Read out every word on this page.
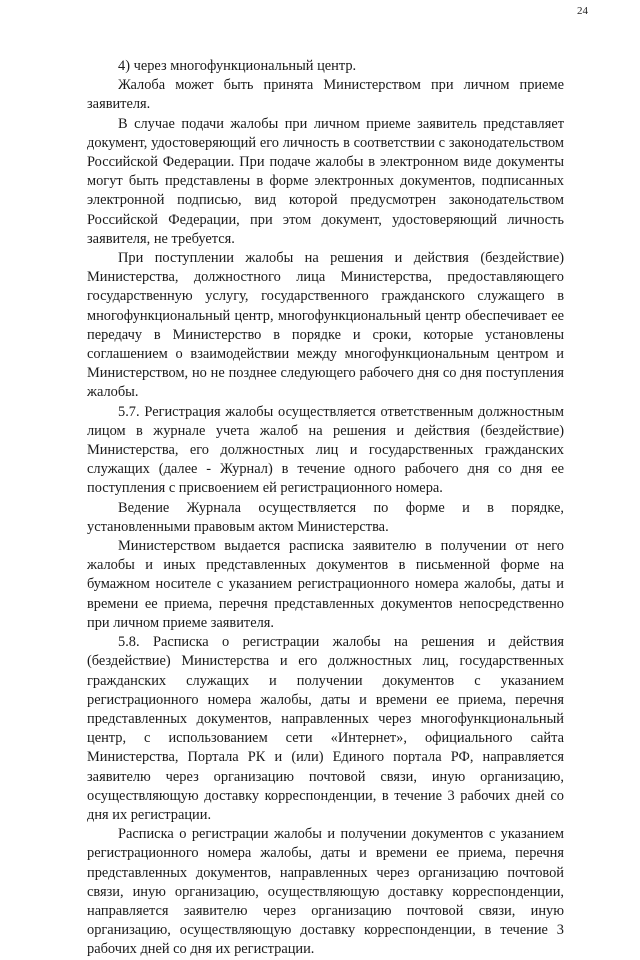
24

4) через многофункциональный центр.

Жалоба может быть принята Министерством при личном приеме заявителя.

В случае подачи жалобы при личном приеме заявитель представляет документ, удостоверяющий его личность в соответствии с законодательством Российской Федерации. При подаче жалобы в электронном виде документы могут быть представлены в форме электронных документов, подписанных электронной подписью, вид которой предусмотрен законодательством Российской Федерации, при этом документ, удостоверяющий личность заявителя, не требуется.

При поступлении жалобы на решения и действия (бездействие) Министерства, должностного лица Министерства, предоставляющего государственную услугу, государственного гражданского служащего в многофункциональный центр, многофункциональный центр обеспечивает ее передачу в Министерство в порядке и сроки, которые установлены соглашением о взаимодействии между многофункциональным центром и Министерством, но не позднее следующего рабочего дня со дня поступления жалобы.

5.7. Регистрация жалобы осуществляется ответственным должностным лицом в журнале учета жалоб на решения и действия (бездействие) Министерства, его должностных лиц и государственных гражданских служащих (далее - Журнал) в течение одного рабочего дня со дня ее поступления с присвоением ей регистрационного номера.

Ведение Журнала осуществляется по форме и в порядке, установленными правовым актом Министерства.

Министерством выдается расписка заявителю в получении от него жалобы и иных представленных документов в письменной форме на бумажном носителе с указанием регистрационного номера жалобы, даты и времени ее приема, перечня представленных документов непосредственно при личном приеме заявителя.

5.8. Расписка о регистрации жалобы на решения и действия (бездействие) Министерства и его должностных лиц, государственных гражданских служащих и получении документов с указанием регистрационного номера жалобы, даты и времени ее приема, перечня представленных документов, направленных через многофункциональный центр, с использованием сети «Интернет», официального сайта Министерства, Портала РК и (или) Единого портала РФ, направляется заявителю через организацию почтовой связи, иную организацию, осуществляющую доставку корреспонденции, в течение 3 рабочих дней со дня их регистрации.

Расписка о регистрации жалобы и получении документов с указанием регистрационного номера жалобы, даты и времени ее приема, перечня представленных документов, направленных через организацию почтовой связи, иную организацию, осуществляющую доставку корреспонденции, направляется заявителю через организацию почтовой связи, иную организацию, осуществляющую доставку корреспонденции, в течение 3 рабочих дней со дня их регистрации.
